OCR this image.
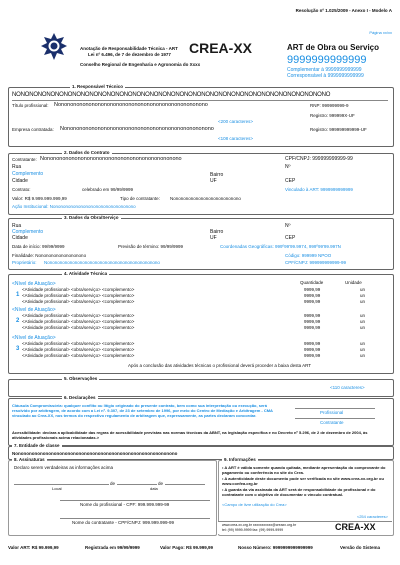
Resolução nº 1.025/2009 - Anexo I - Modelo A
Página xx/xx
Anotação de Responsabilidade Técnica - ART
Lei nº 6.496, de 7 de dezembro de 1977 CREA-XX
Conselho Regional de Engenharia e Agronomia do Xxxx
ART de Obra ou Serviço
9999999999999
Complementar à 9999999999999
Corresponsável à 9999999999999
1. Responsável Técnico
NONONONONONONONONONONONONONONONONONONONONONONONONONONONONONONONONONONONONO
Título profissional: Nonononononononononononononononononononononononono	RNP: 999999999-9
Registro: 999999X-UF
<200 caracteres>
Empresa contratada: Nonononononononononononononononononononononononono	Registro: 999999999999-UF
<108 caracteres>
2. Dados do Contrato
Contratante: Nonononononononononononononononononononononono	CPF/CNPJ: 999999999999-99
Rua	Nº
Complemento	Bairro
Cidade	UF	CEP
Contrato:	celebrado em 99/99/9999	Vinculado à ART: 9999999999999
Valor: R$ 9.999.999.999,99	Tipo de contratante: Nononononononononononononono
Ação Institucional: Nonononononononononononononononono
3. Dados da Obra/Serviço
Rua	Nº
Complemento	Bairro
Cidade	UF	CEP
Data de início: 99/99/9999	Previsão de término: 99/99/9999	Coordenadas Geográficas: 999º99'99.9974, 999º99'99.997N
Finalidade: Nononononononononono	Código: 999999 NPOO
Proprietário: Nonononononononononononononononononononononono	CPF/CNPJ: 999999999999-99
4. Atividade Técnica
Quantidade	Unidade
<Nível de Atuação>
1
<Atividade profissional> <obra/serviço> <complemento>	9999,99	un
<Atividade profissional> <obra/serviço> <complemento>	9999,99	un
<Atividade profissional> <obra/serviço> <complemento>	9999,99	un
<Nível de Atuação>
2
<Atividade profissional> <obra/serviço> <complemento>	9999,99	un
<Atividade profissional> <obra/serviço> <complemento>	9999,99	un
<Atividade profissional> <obra/serviço> <complemento>	9999,99	un
<Nível de Atuação>
3
<Atividade profissional> <obra/serviço> <complemento>	9999,99	un
<Atividade profissional> <obra/serviço> <complemento>	9999,99	un
<Atividade profissional> <obra/serviço> <complemento>	9999,99	un
Após a conclusão das atividades técnicas o profissional deverá proceder a baixa desta ART
5. Observações
<110 caracteres>
6. Declarações
Cláusula Compromissória: qualquer conflito ou litígio originado do presente contrato, bem como sua interpretação ou execução, será resolvido por arbitragem, de acordo com a Lei nº. 9.307, de 23 de setembro de 1996, por meio do Centro de Mediação e Arbitragem - CMA vinculado ao Crea-XX, nos termos do respectivo regulamento de arbitragem que, expressamente, as partes declaram concordar.
Profissional
Contratante
Acessibilidade: declara a aplicabilidade das regras de acessibilidade previstas nas normas técnicas da ABNT, na legislação específica e no Decreto nº 5.296, de 2 de dezembro de 2004, às atividades profissionais acima relacionadas.>
7. Entidade de classe
Nononononononononononononononononononononononononononononono
8. Assinaturas
Declaro serem verdadeiras as informações acima
de	de
Local	data
Nome do profissional - CPF: 999.999.999-99
Nome do contratante - CPF/CNPJ: 999.999.999-99
9. Informações
• A ART é válida somente quando quitada, mediante apresentação do comprovante do pagamento ou conferência no site do Crea.
• A autenticidade deste documento pode ser verificada no site www.crea-xx.org.br ou www.confea.org.br
• A guarda da via assinada da ART será de responsabilidade do profissional e do contratante com o objetivo de documentar o vínculo contratual.
<Campo de livre utilização do Crea>
<254 caracteres>
www.crea-xx.org.br xxxxxxxxxxx@creaxx.org.br
tel: (99) 9999-9999 fax: (99) 9999-9999	CREA-XX
Valor ART: R$ 99.999,99	Registrada em 99/99/9999	Valor Pago: R$ 99.999,99	Nosso Número: 9999999999999999	Versão do Sistema
